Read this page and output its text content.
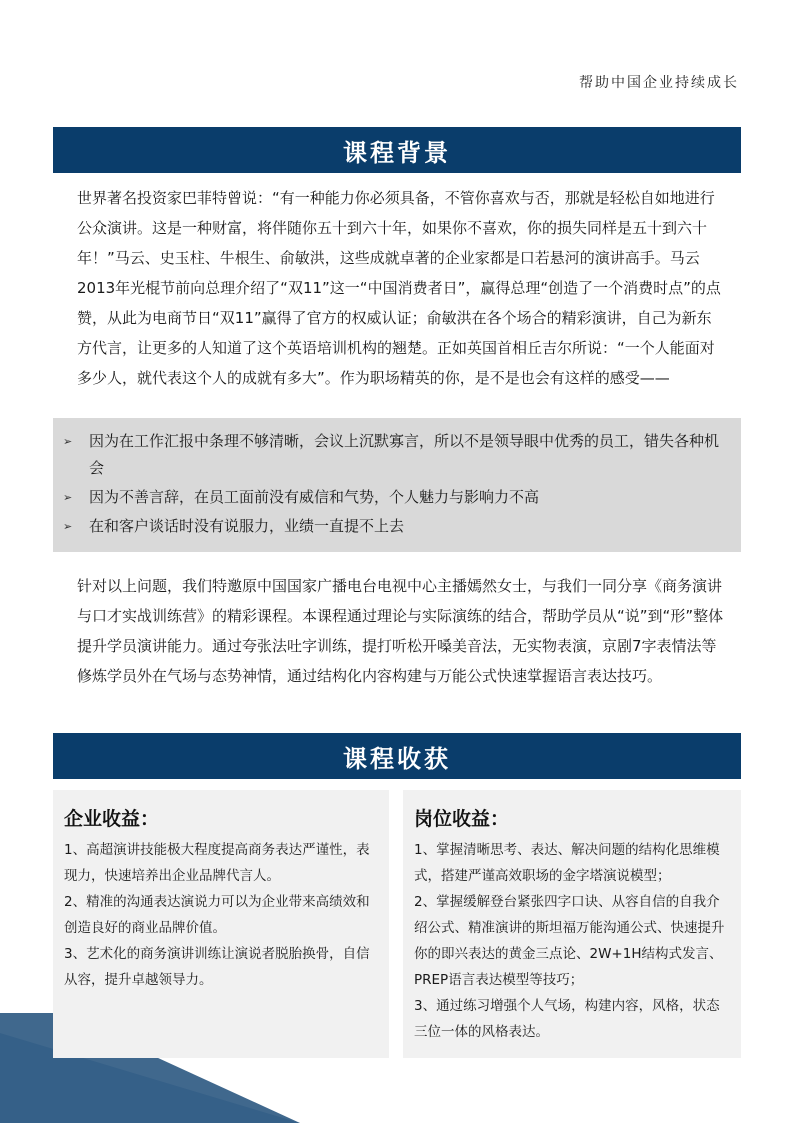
帮助中国企业持续成长
课程背景

世界著名投资家巴菲特曾说：“有一种能力你必须具备，不管你喜欢与否，那就是轻松自如地进行公众演讲。这是一种财富，将伴随你五十到六十年，如果你不喜欢，你的损失同样是五十到六十年！”马云、史玉柱、牛根生、俞敏洪，这些成就卓著的企业家都是口若悬河的演讲高手。马云2013年光棍节前向总理介绍了“双11”这一“中国消费者日”，赢得总理“创造了一个消费时点”的点赞，从此为电商节日“双11”赢得了官方的权威认证；俞敏洪在各个场合的精彩演讲，自己为新东方代言，让更多的人知道了这个英语培训机构的翘楚。正如英国首相丘吉尔所说：“一个人能面对多少人，就代表这个人的成就有多大”。作为职场精英的你，是不是也会有这样的感受——

➢ 因为在工作汇报中条理不够清晰，会议上沉默寡言，所以不是领导眼中优秀的员工，错失各种机会
➢ 因为不善言辞，在员工面前没有威信和气势，个人魅力与影响力不高
➢ 在和客户谈话时没有说服力，业绩一直提不上去

针对以上问题，我们特邀原中国国家广播电台电视中心主播嫣然女士，与我们一同分享《商务演讲与口才实战训练营》的精彩课程。本课程通过理论与实际演练的结合，帮助学员从“说”到“形”整体提升学员演讲能力。通过夸张法吐字训练，提打听松开嗓美音法，无实物表演，京剧7字表情法等修炼学员外在气场与态势神情，通过结构化内容构建与万能公式快速掌握语言表达技巧。

课程收获
企业收益：

1、高超演讲技能极大程度提高商务表达严谨性，表现力，快速培养出企业品牌代言人。

2、精准的沟通表达演说力可以为企业带来高绩效和创造良好的商业品牌价值。

3、艺术化的商务演讲训练让演说者脱胎换骨，自信从容，提升卓越领导力。

岗位收益：

1、掌握清晰思考、表达、解决问题的结构化思维模式，搭建严谨高效职场的金字塔演说模型；

2、掌握缓解登台紧张四字口诀、从容自信的自我介绍公式、精准演讲的斯坦福万能沟通公式、快速提升你的即兴表达的黄金三点论、2W+1H结构式发言、PREP语言表达模型等技巧；

3、通过练习增强个人气场，构建内容，风格，状态三位一体的风格表达。
